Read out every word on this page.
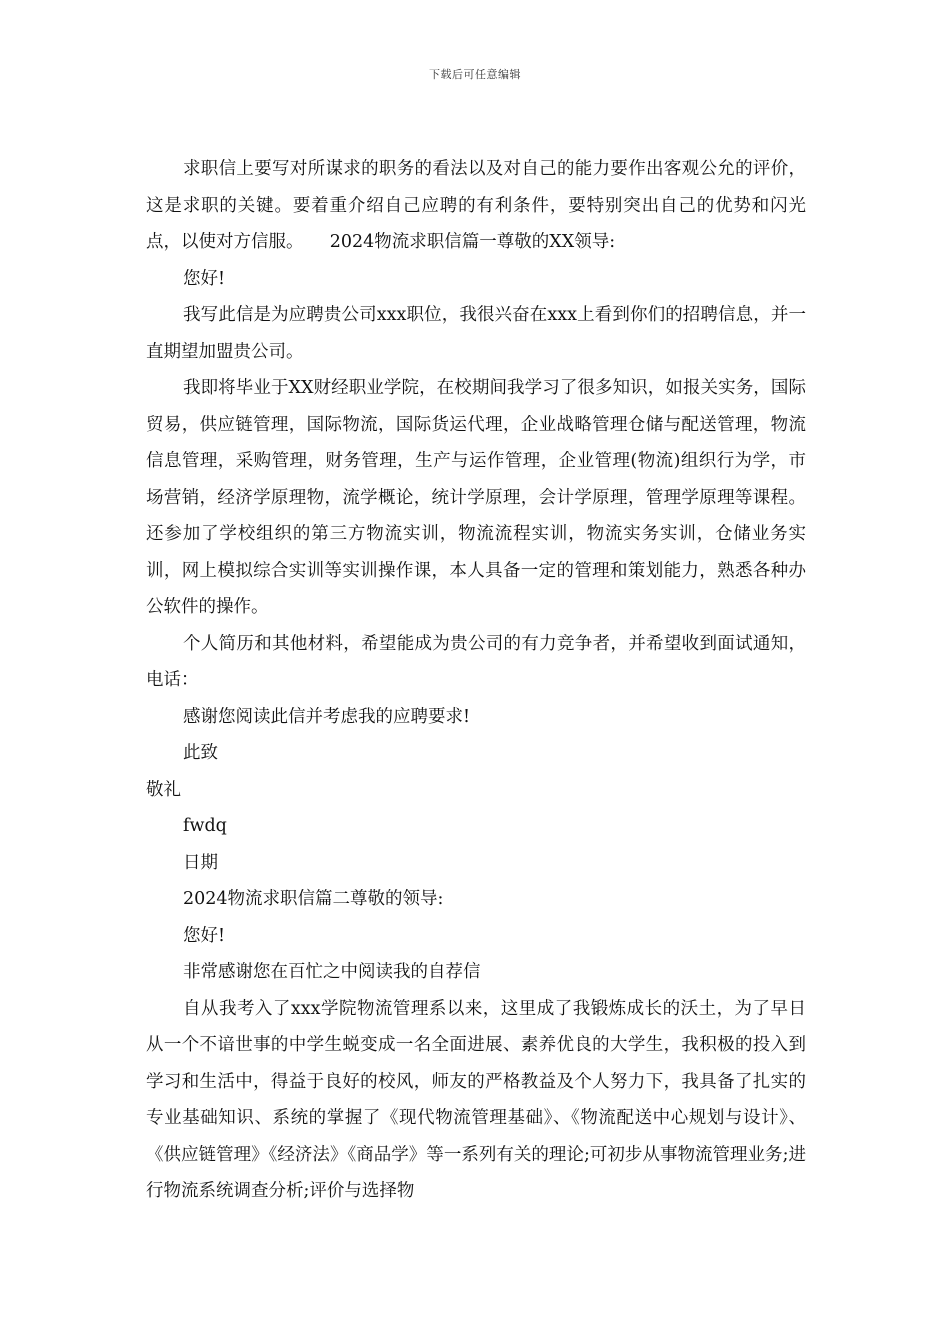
下载后可任意编辑

求职信上要写对所谋求的职务的看法以及对自己的能力要作出客观公允的评价，这是求职的关键。要着重介绍自己应聘的有利条件，要特别突出自己的优势和闪光点，以使对方信服。　　2024物流求职信篇一尊敬的XX领导:

您好!

我写此信是为应聘贵公司xxx职位，我很兴奋在xxx上看到你们的招聘信息，并一直期望加盟贵公司。

我即将毕业于XX财经职业学院，在校期间我学习了很多知识，如报关实务，国际贸易，供应链管理，国际物流，国际货运代理，企业战略管理仓储与配送管理，物流信息管理，采购管理，财务管理，生产与运作管理，企业管理(物流)组织行为学，市场营销，经济学原理物，流学概论，统计学原理，会计学原理，管理学原理等课程。还参加了学校组织的第三方物流实训，物流流程实训，物流实务实训，仓储业务实训，网上模拟综合实训等实训操作课，本人具备一定的管理和策划能力，熟悉各种办公软件的操作。

个人简历和其他材料，希望能成为贵公司的有力竞争者，并希望收到面试通知，电话：

感谢您阅读此信并考虑我的应聘要求!

此致

敬礼

fwdq

日期

2024物流求职信篇二尊敬的领导:

您好!

非常感谢您在百忙之中阅读我的自荐信

自从我考入了xxx学院物流管理系以来，这里成了我锻炼成长的沃土，为了早日从一个不谙世事的中学生蜕变成一名全面进展、素养优良的大学生，我积极的投入到学习和生活中，得益于良好的校风，师友的严格教益及个人努力下，我具备了扎实的专业基础知识、系统的掌握了《现代物流管理基础》、《物流配送中心规划与设计》、《供应链管理》《经济法》《商品学》等一系列有关的理论;可初步从事物流管理业务;进行物流系统调查分析;评价与选择物
